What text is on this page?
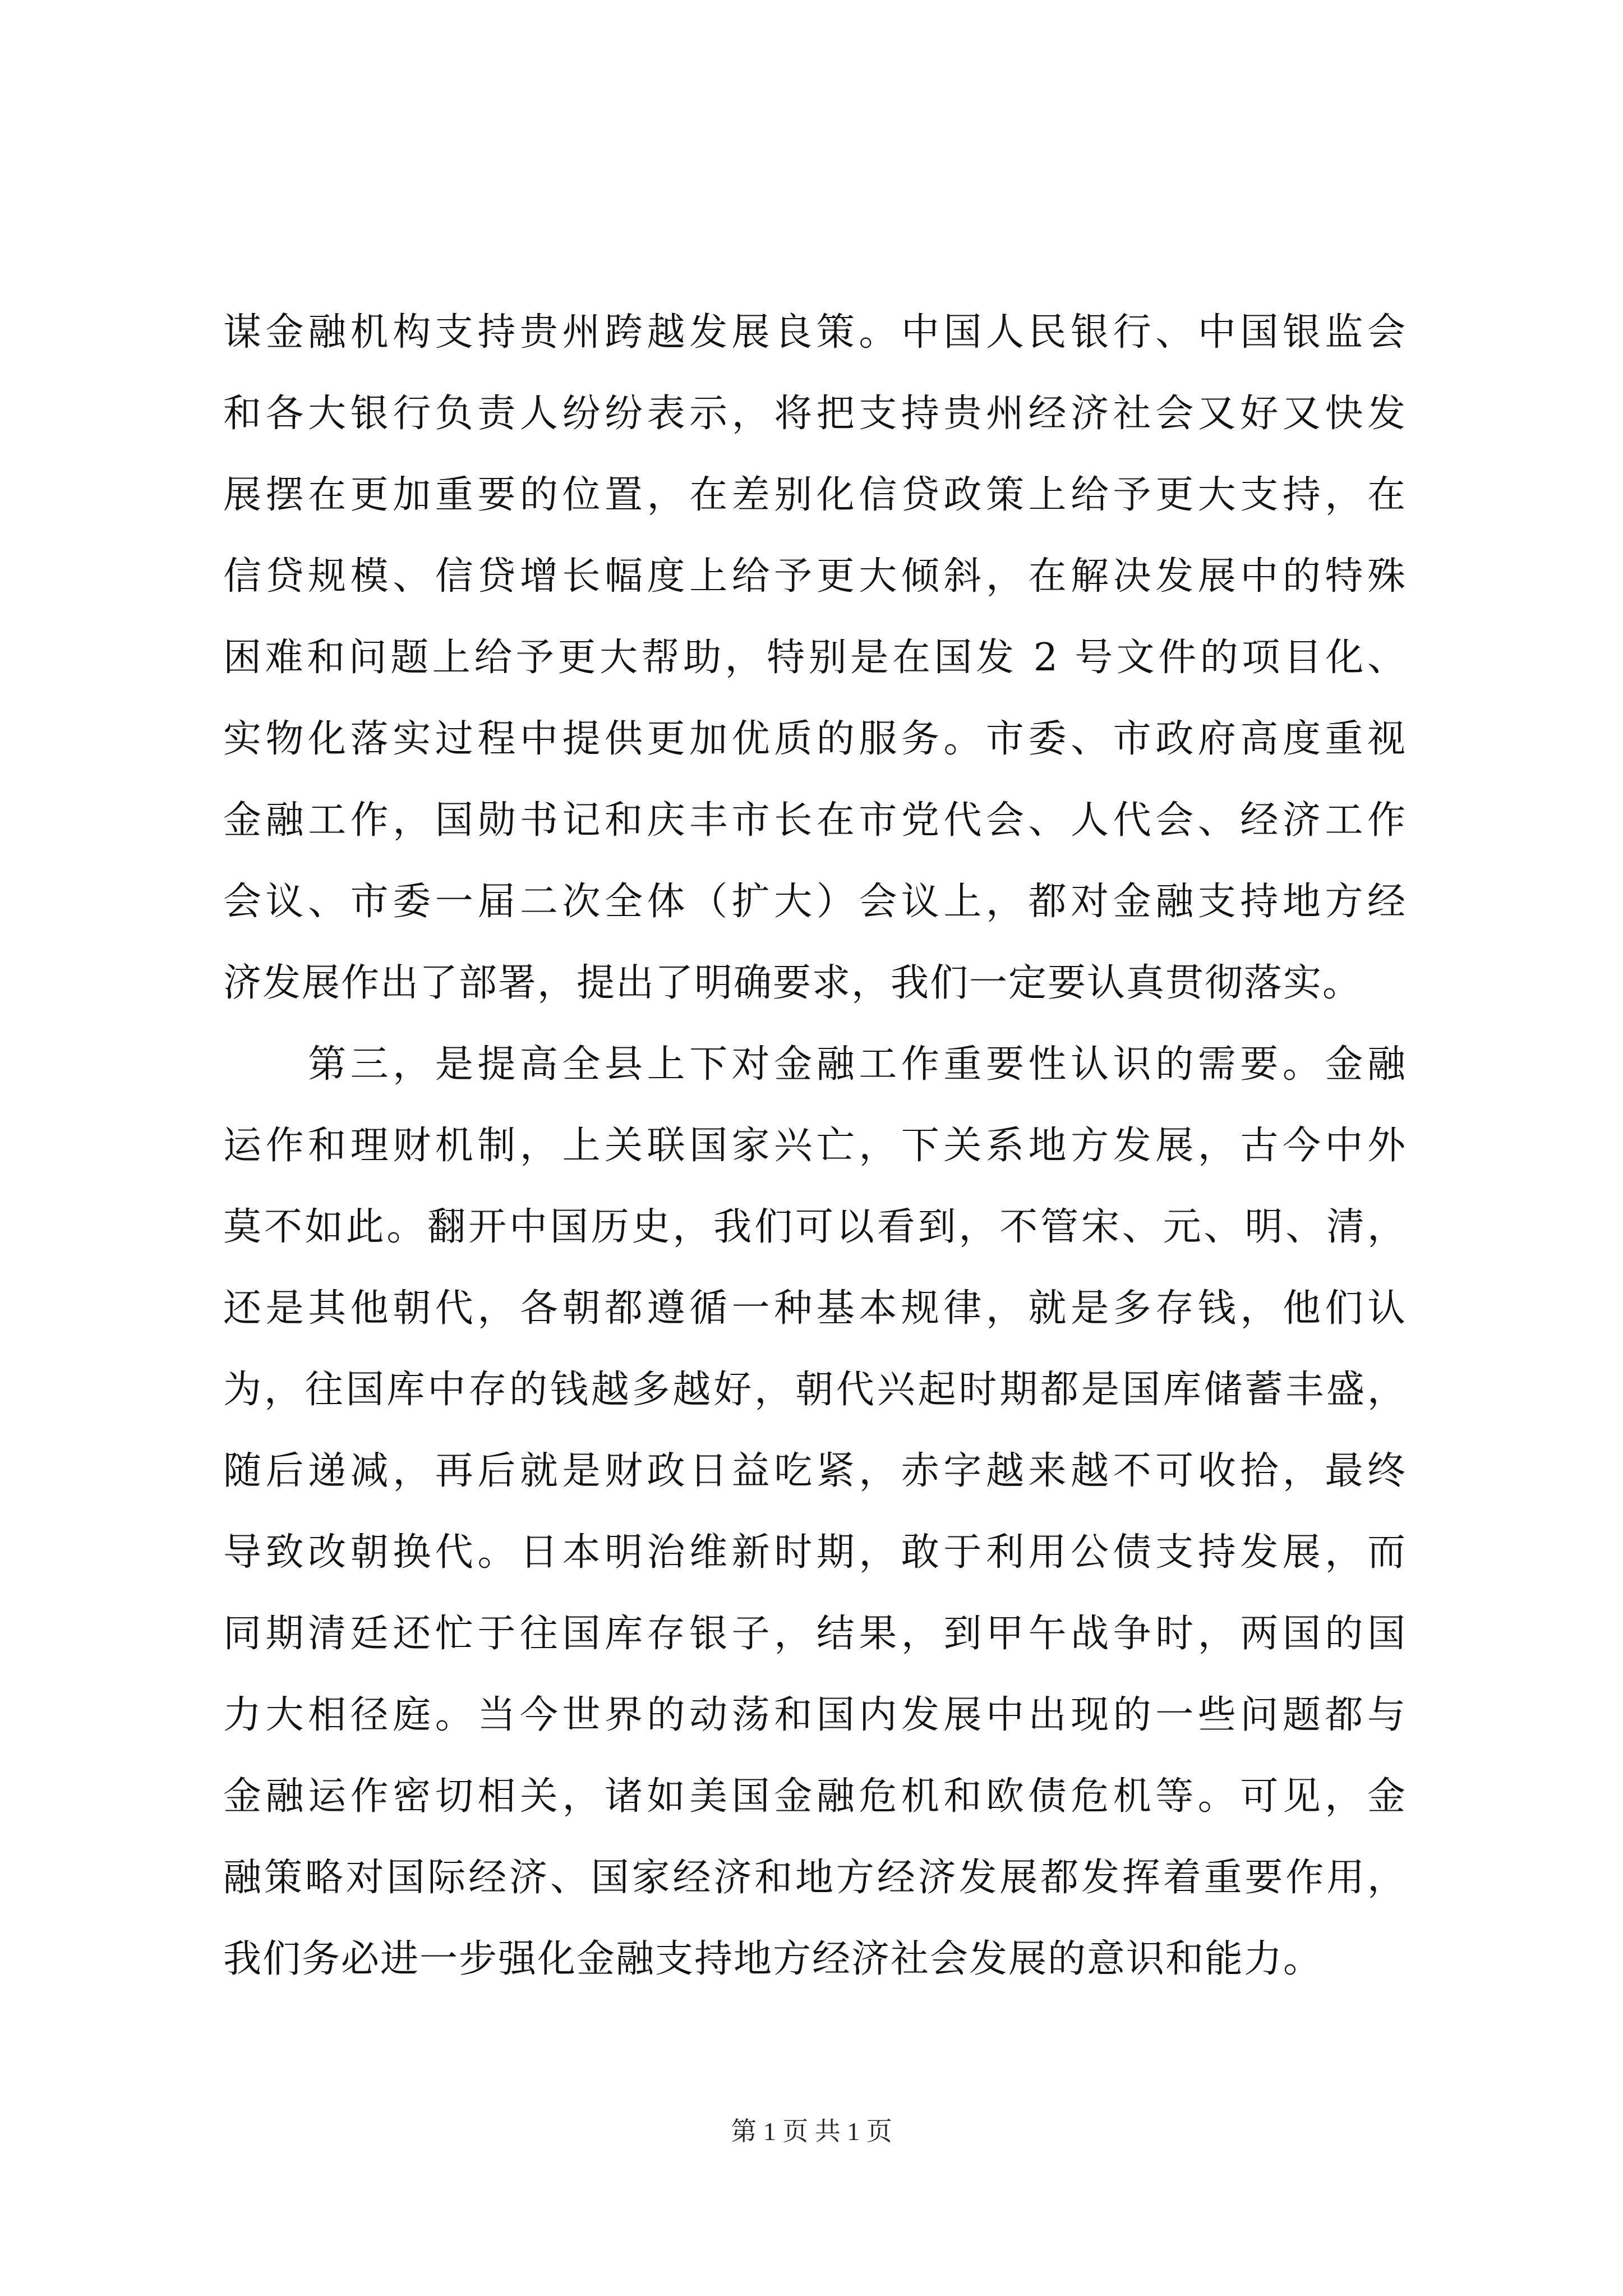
谋金融机构支持贵州跨越发展良策。中国人民银行、中国银监会
和各大银行负责人纷纷表示，将把支持贵州经济社会又好又快发
展摆在更加重要的位置，在差别化信贷政策上给予更大支持，在
信贷规模、信贷增长幅度上给予更大倾斜，在解决发展中的特殊
困难和问题上给予更大帮助，特别是在国发 2 号文件的项目化、
实物化落实过程中提供更加优质的服务。市委、市政府高度重视
金融工作，国勋书记和庆丰市长在市党代会、人代会、经济工作
会议、市委一届二次全体（扩大）会议上，都对金融支持地方经
济发展作出了部署，提出了明确要求，我们一定要认真贯彻落实。
　　第三，是提高全县上下对金融工作重要性认识的需要。金融
运作和理财机制，上关联国家兴亡，下关系地方发展，古今中外
莫不如此。翻开中国历史，我们可以看到，不管宋、元、明、清，
还是其他朝代，各朝都遵循一种基本规律，就是多存钱，他们认
为，往国库中存的钱越多越好，朝代兴起时期都是国库储蓄丰盛，
随后递减，再后就是财政日益吃紧，赤字越来越不可收拾，最终
导致改朝换代。日本明治维新时期，敢于利用公债支持发展，而
同期清廷还忙于往国库存银子，结果，到甲午战争时，两国的国
力大相径庭。当今世界的动荡和国内发展中出现的一些问题都与
金融运作密切相关，诸如美国金融危机和欧债危机等。可见，金
融策略对国际经济、国家经济和地方经济发展都发挥着重要作用，
我们务必进一步强化金融支持地方经济社会发展的意识和能力。
第 1 页 共 1 页
